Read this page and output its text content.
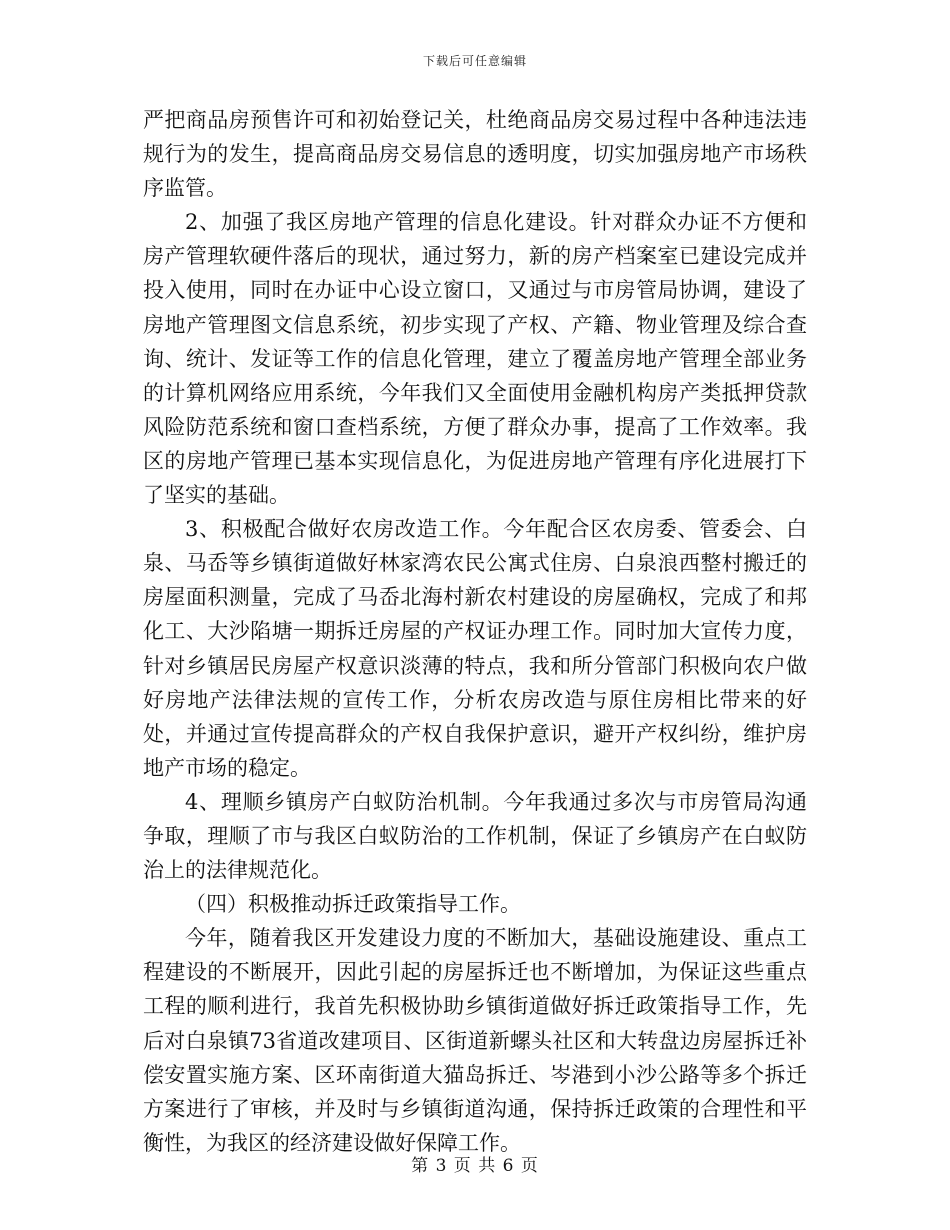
下载后可任意编辑

严把商品房预售许可和初始登记关，杜绝商品房交易过程中各种违法违规行为的发生，提高商品房交易信息的透明度，切实加强房地产市场秩序监管。

2、加强了我区房地产管理的信息化建设。针对群众办证不方便和房产管理软硬件落后的现状，通过努力，新的房产档案室已建设完成并投入使用，同时在办证中心设立窗口，又通过与市房管局协调，建设了房地产管理图文信息系统，初步实现了产权、产籍、物业管理及综合查询、统计、发证等工作的信息化管理，建立了覆盖房地产管理全部业务的计算机网络应用系统，今年我们又全面使用金融机构房产类抵押贷款风险防范系统和窗口查档系统，方便了群众办事，提高了工作效率。我区的房地产管理已基本实现信息化，为促进房地产管理有序化进展打下了坚实的基础。

3、积极配合做好农房改造工作。今年配合区农房委、管委会、白泉、马岙等乡镇街道做好林家湾农民公寓式住房、白泉浪西整村搬迁的房屋面积测量，完成了马岙北海村新农村建设的房屋确权，完成了和邦化工、大沙陷塘一期拆迁房屋的产权证办理工作。同时加大宣传力度，针对乡镇居民房屋产权意识淡薄的特点，我和所分管部门积极向农户做好房地产法律法规的宣传工作，分析农房改造与原住房相比带来的好处，并通过宣传提高群众的产权自我保护意识，避开产权纠纷，维护房地产市场的稳定。

4、理顺乡镇房产白蚁防治机制。今年我通过多次与市房管局沟通争取，理顺了市与我区白蚁防治的工作机制，保证了乡镇房产在白蚁防治上的法律规范化。

（四）积极推动拆迁政策指导工作。

今年，随着我区开发建设力度的不断加大，基础设施建设、重点工程建设的不断展开，因此引起的房屋拆迁也不断增加，为保证这些重点工程的顺利进行，我首先积极协助乡镇街道做好拆迁政策指导工作，先后对白泉镇73省道改建项目、区街道新螺头社区和大转盘边房屋拆迁补偿安置实施方案、区环南街道大猫岛拆迁、岑港到小沙公路等多个拆迁方案进行了审核，并及时与乡镇街道沟通，保持拆迁政策的合理性和平衡性，为我区的经济建设做好保障工作。

第 3 页 共 6 页
